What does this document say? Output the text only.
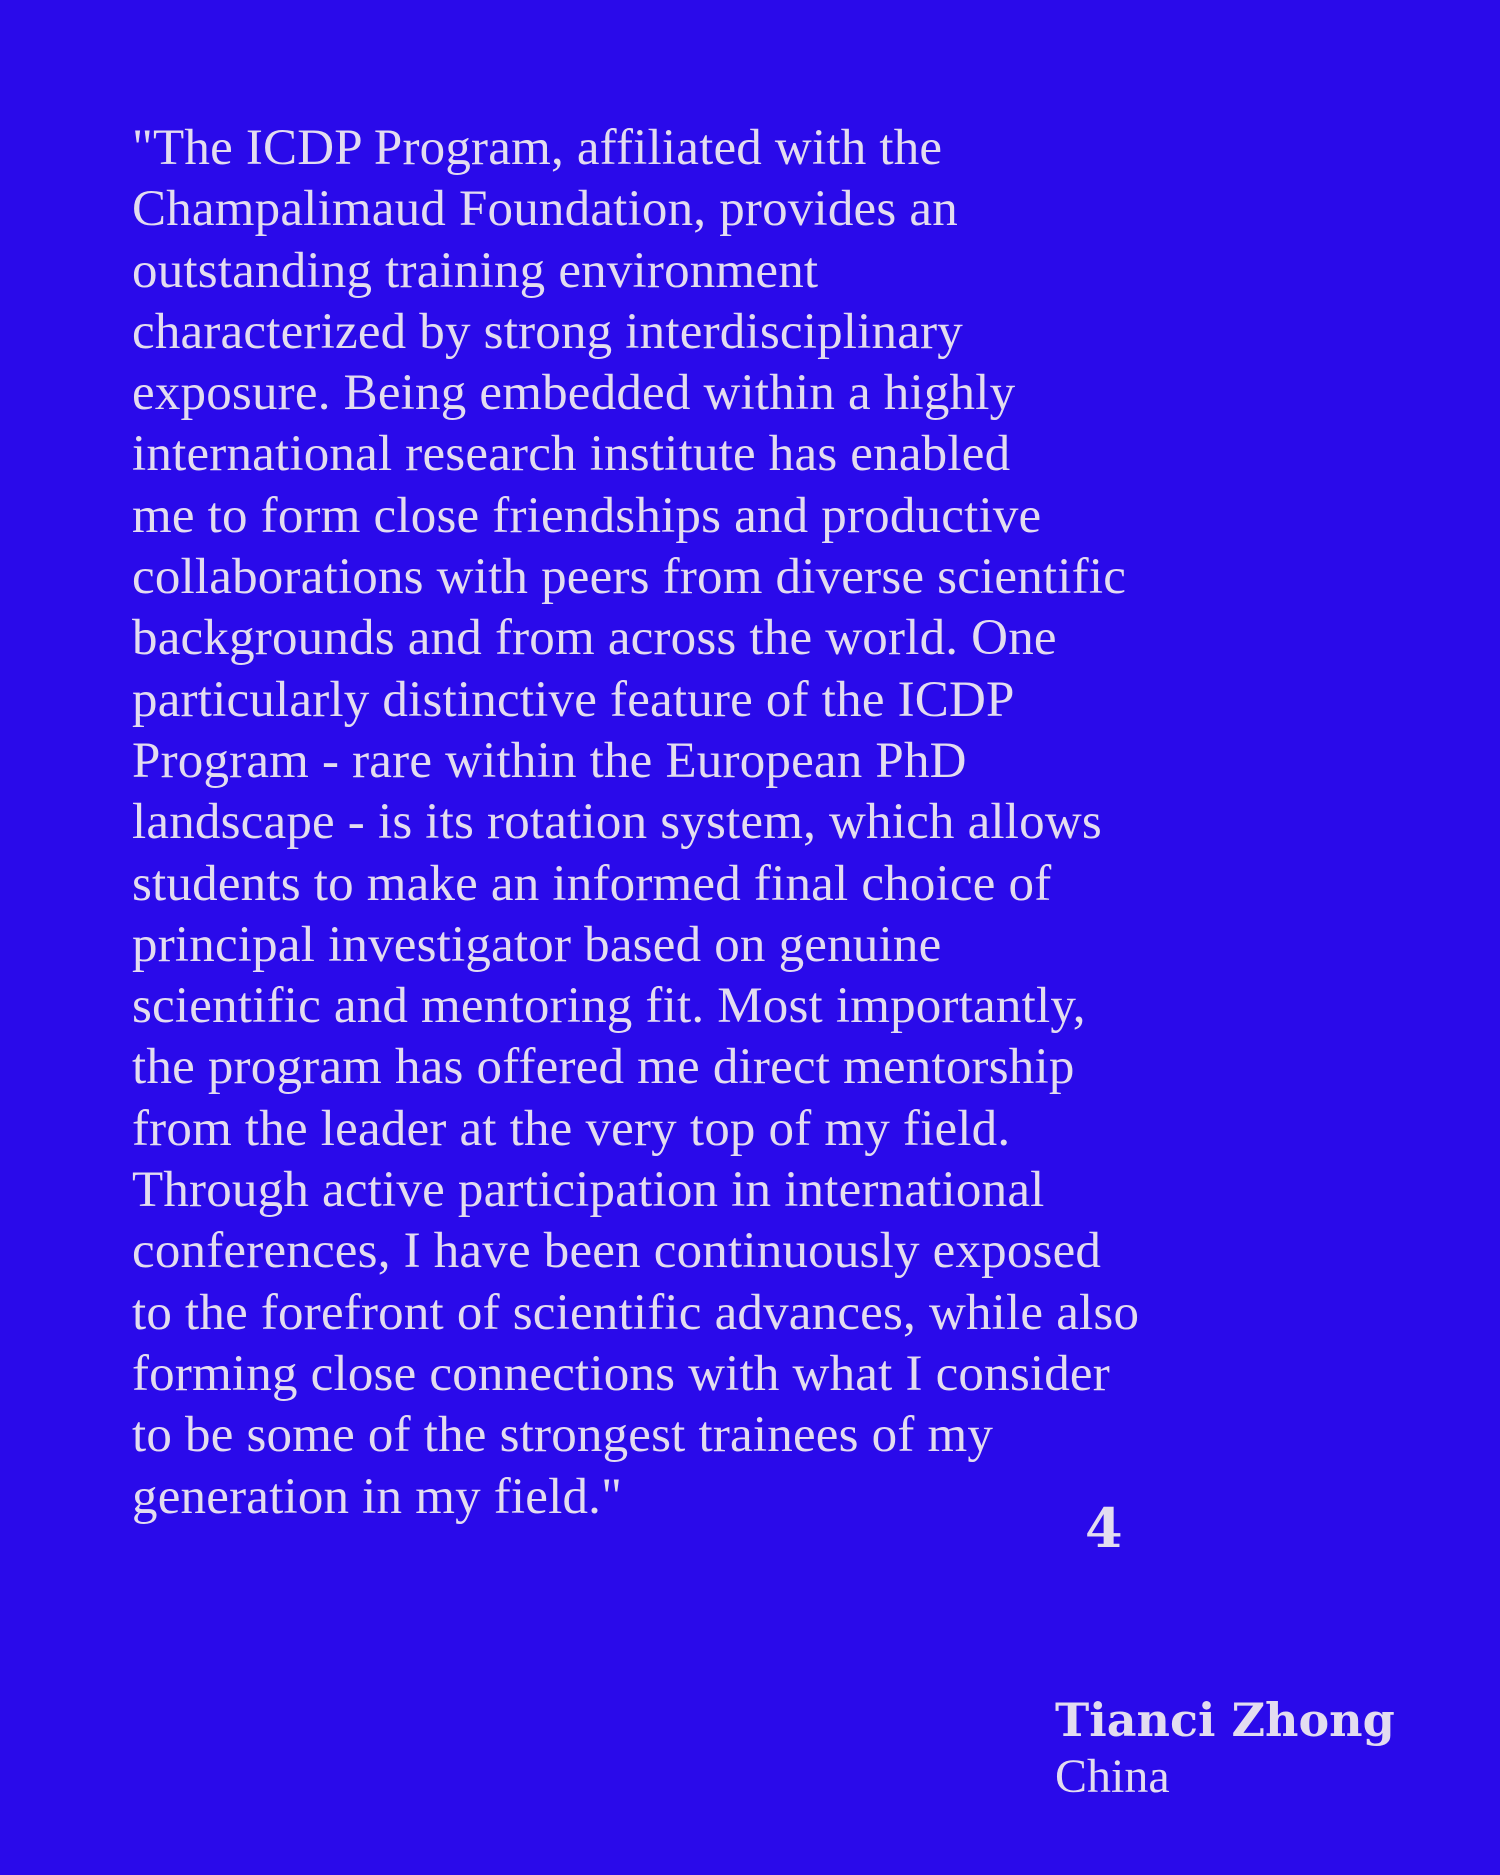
"The ICDP Program, affiliated with the
Champalimaud Foundation, provides an
outstanding training environment
characterized by strong interdisciplinary
exposure. Being embedded within a highly
international research institute has enabled
me to form close friendships and productive
collaborations with peers from diverse scientific
backgrounds and from across the world. One
particularly distinctive feature of the ICDP
Program - rare within the European PhD
landscape - is its rotation system, which allows
students to make an informed final choice of
principal investigator based on genuine
scientific and mentoring fit. Most importantly,
the program has offered me direct mentorship
from the leader at the very top of my field.
Through active participation in international
conferences, I have been continuously exposed
to the forefront of scientific advances, while also
forming close connections with what I consider
to be some of the strongest trainees of my
generation in my field."	4
Tianci Zhong
China
